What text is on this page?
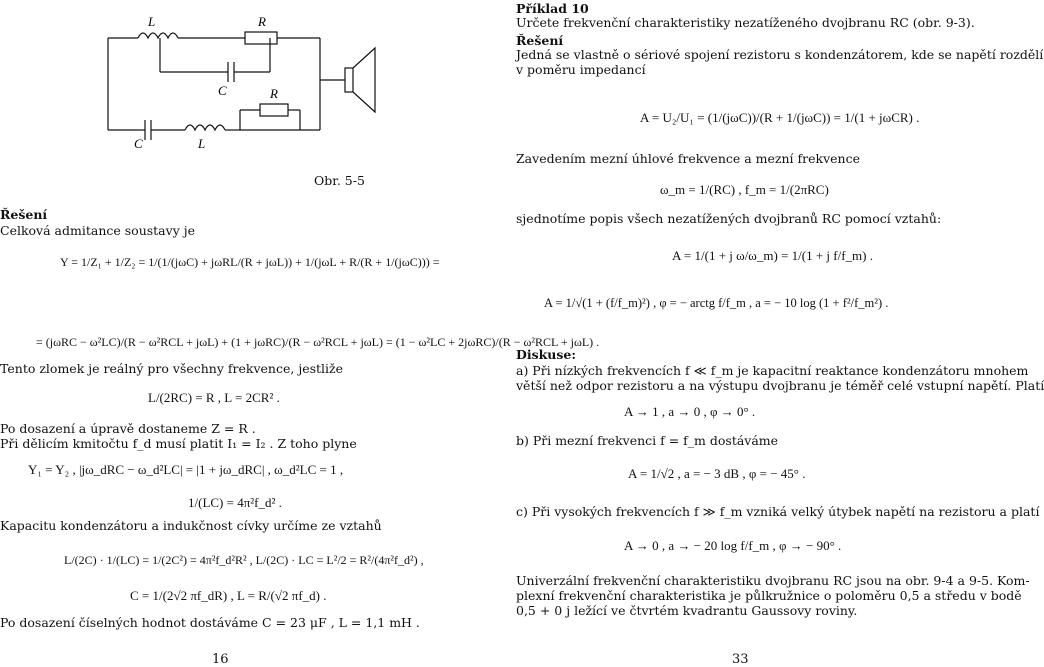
L	R
C
C	L
R
Obr. 5-5
Řešení
Celková admitance soustavy je
Y = 1/Z₁ + 1/Z₂ = 1/(1/(jωC) + jωRL/(R + jωL)) + 1/(jωL + R/(R + 1/(jωC))) =
= (jωRC − ω²LC)/(R − ω²RCL + jωL) + (1 + jωRC)/(R − ω²RCL + jωL) = (1 − ω²LC + 2jωRC)/(R − ω²RCL + jωL) .
Tento zlomek je reálný pro všechny frekvence, jestliže
L/(2RC) = R , L = 2CR² .
Po dosazení a úpravě dostaneme Z = R .
Při dělicím kmitočtu f_d musí platit I₁ = I₂ . Z toho plyne
Y₁ = Y₂ , |jω_dRC − ω_d²LC| = |1 + jω_dRC| , ω_d²LC = 1 ,
1/(LC) = 4π²f_d² .
Kapacitu kondenzátoru a indukčnost cívky určíme ze vztahů
L/(2C) · 1/(LC) = 1/(2C²) = 4π²f_d²R² , L/(2C) · LC = L²/2 = R²/(4π²f_d²) ,
C = 1/(2√2 πf_dR) , L = R/(√2 πf_d) .
Po dosazení číselných hodnot dostáváme C = 23 μF , L = 1,1 mH .
16
Příklad 10
Určete frekvenční charakteristiky nezatíženého dvojbranu RC (obr. 9-3).
Řešení
Jedná se vlastně o sériové spojení rezistoru s kondenzátorem, kde se napětí rozdělí
v poměru impedancí
A = U₂/U₁ = (1/(jωC))/(R + 1/(jωC)) = 1/(1 + jωCR) .
Zavedením mezní úhlové frekvence a mezní frekvence
ω_m = 1/(RC) , f_m = 1/(2πRC)
sjednotíme popis všech nezatížených dvojbranů RC pomocí vztahů:
A = 1/(1 + j ω/ω_m) = 1/(1 + j f/f_m) .
A = 1/√(1 + (f/f_m)²) , φ = − arctg f/f_m , a = − 10 log (1 + f²/f_m²) .
Diskuse:
a) Při nízkých frekvencích f ≪ f_m je kapacitní reaktance kondenzátoru mnohem
větší než odpor rezistoru a na výstupu dvojbranu je téměř celé vstupní napětí. Platí
A → 1 , a → 0 , φ → 0° .
b) Při mezní frekvenci f = f_m dostáváme
A = 1/√2 , a = − 3 dB , φ = − 45° .
c) Při vysokých frekvencích f ≫ f_m vzniká velký útybek napětí na rezistoru a platí
A → 0 , a → − 20 log f/f_m , φ → − 90° .
Univerzální frekvenční charakteristiku dvojbranu RC jsou na obr. 9-4 a 9-5. Kom-
plexní frekvenční charakteristika je půlkružnice o poloměru 0,5 a středu v bodě
0,5 + 0 j ležící ve čtvrtém kvadrantu Gaussovy roviny.
33
